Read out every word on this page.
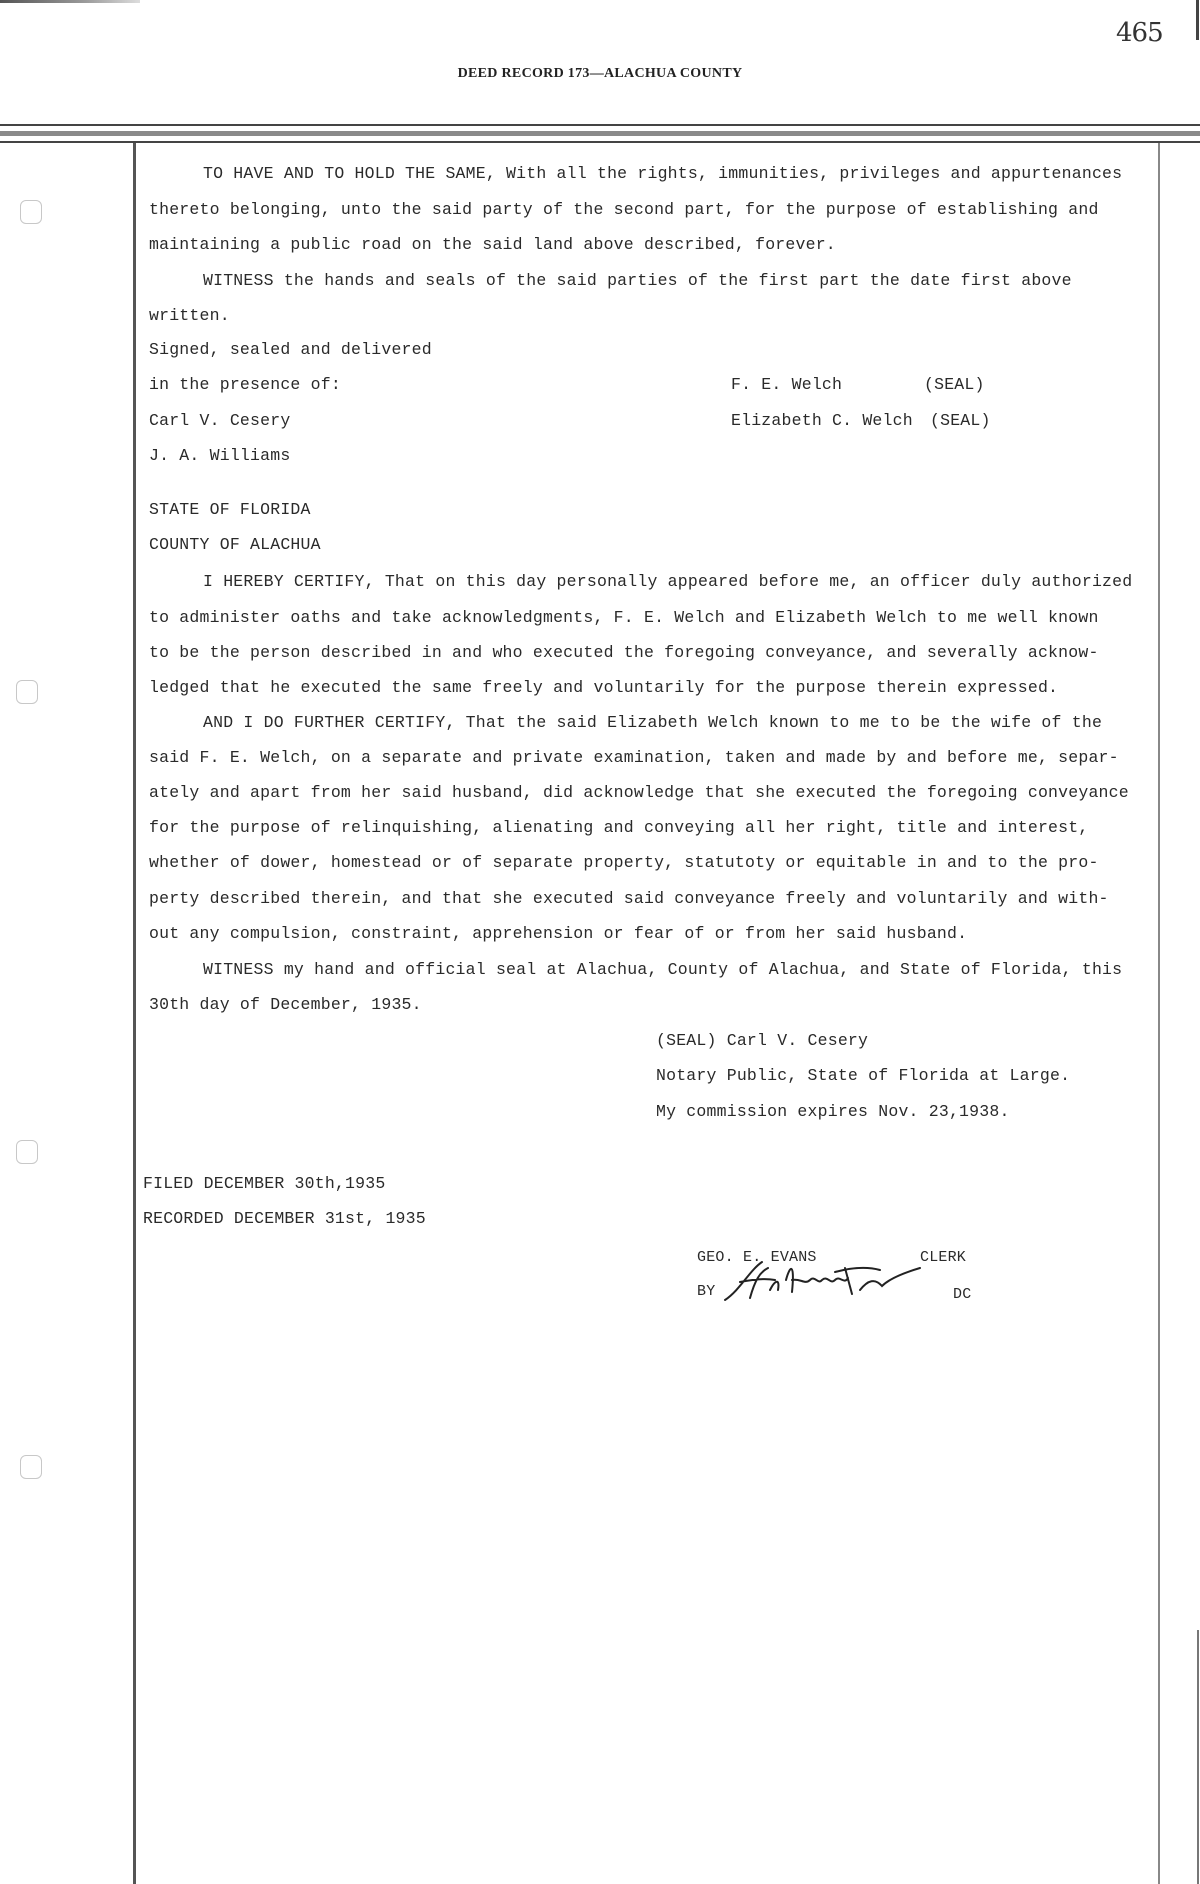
465
DEED RECORD 173—ALACHUA COUNTY
TO HAVE AND TO HOLD THE SAME, With all the rights, immunities, privileges and appurtenances
thereto belonging, unto the said party of the second part, for the purpose of establishing and
maintaining a public road on the said land above described, forever.
WITNESS the hands and seals of the said parties of the first part the date first above
written.
Signed, sealed and delivered
in the presence of:
Carl V. Cesery
J. A. Williams
F. E. Welch	(SEAL)
Elizabeth C. Welch (SEAL)
STATE OF FLORIDA
COUNTY OF ALACHUA
I HEREBY CERTIFY, That on this day personally appeared before me, an officer duly authorized
to administer oaths and take acknowledgments, F. E. Welch and Elizabeth Welch to me well known
to be the person described in and who executed the foregoing conveyance, and severally acknow-
ledged that he executed the same freely and voluntarily for the purpose therein expressed.
AND I DO FURTHER CERTIFY, That the said Elizabeth Welch known to me to be the wife of the
said F. E. Welch, on a separate and private examination, taken and made by and before me, separ-
ately and apart from her said husband, did acknowledge that she executed the foregoing conveyance
for the purpose of relinquishing, alienating and conveying all her right, title and interest,
whether of dower, homestead or of separate property, statutoty or equitable in and to the pro-
perty described therein, and that she executed said conveyance freely and voluntarily and with-
out any compulsion, constraint, apprehension or fear of or from her said husband.
WITNESS my hand and official seal at Alachua, County of Alachua, and State of Florida, this
30th day of December, 1935.
(SEAL) Carl V. Cesery
Notary Public, State of Florida at Large.
My commission expires Nov. 23,1938.
FILED DECEMBER 30th,1935
RECORDED DECEMBER 31st, 1935
GEO. E. EVANS	CLERK
BY	DC
